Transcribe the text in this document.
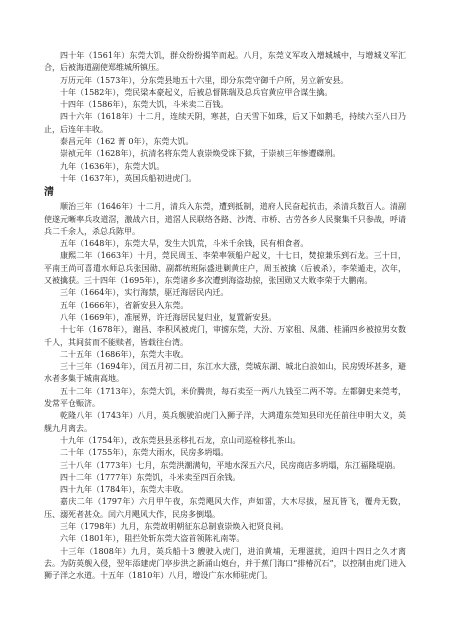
四十年（1561年）东莞大饥，群众纷纷揭竿而起。八月，东莞义军攻入增城城中，与增城义军汇合，后被海道副使郑维城所镇压。

万历元年（1573年），分东莞县地五十六里，即分东莞守御千户所，另立新安县。

十年（1582年），莞民梁本豪起义，后被总督陈瑞及总兵官黄应甲合谋生擒。

十四年（1586年），东莞大饥，斗米卖二百钱。

四十六年（1618年）十二月，连续天阴，寒甚，白天雪下如珠，后又下如鹅毛，持续六至八日乃止，后连年丰收。

泰昌元年（162 菁 0年），东莞大饥。

崇祯元年（1628年），抗清名将东莞人袁崇焕受诛下狱，于崇祯三年惨遭磔刑。

九年（1636年），东莞大饥。

十年（1637年），英国兵船初进虎门。

清

顺治三年（1646年）十二月，清兵入东莞，遭到抵制，道府人民奋起抗击，杀清兵数百人。清副使遂元晰率兵攻道滘，激战六日，道滘人民联络各路、沙湾、市桥、古劳各乡人民聚集千只参战，呼请兵二千余人，杀总兵陈甲。

五年（1648年），东莞大旱，发生大饥荒，斗米千余钱，民有相食者。

康熙二年（1663年）十月，莞民周玉、李荣率领船户起义，十七日，焚掠兼乐到石龙。三十日，平南王尚可喜遣水师总兵张国勋、副都统班际盛进剿黄庄户，周玉被擒（后被杀），李荣遁走，次年，又被擒获。三十四年（1695年），东莞诸乡多次遭到海盗劫掠，张国勋又大败李荣于大鹏南。

三年（1664年），实行海禁，驱迁海居民内迁。

五年（1666年），省新安县入东莞。

八年（1669年），准展界，许迁海居民复归业，复置新安县。

十七年（1678年），谢昌、李积风被虎门，审掳东莞，大汾、万家租、凤蒲、桂涌四乡被掠男女数千人，其间贫而不能赎者，皆载往台湾。

二十五年（1686年），东莞大丰收。

三十三年（1694年），闰五月初二日，东江水大涨，莞城东湖、城北白浪如山，民房毁坏甚多，避水者多集于城南高地。

五十二年（1713年），东莞大饥，米价腾贵，每石卖至一两八九钱至二两不等。左都御史来莞考，发常平仓赈济。

乾隆八年（1743年）八月，英兵舰驶泊虎门入狮子洋，大鸿遣东莞知县印光任前往申明大义，英舰九月离去。

十九年（1754年），改东莞县县丞移扎石龙，京山司巡检移扎茶山。

二十年（1755年），东莞大雨水，民房多坍塌。

三十八年（1773年）七月，东莞洪潮满旬，平地水深五六尺，民房商店多坍塌，东江福隆堤崩。

四十二年（1777年）东莞饥，斗米卖至四百余钱。

四十九年（1784年），东莞大丰收。

嘉庆二年（1797年）六月甲午夜，东莞飓风大作，声如雷，大木尽拔，屋瓦皆飞，覆舟无数，压、溺死者甚众。闰六月飓风大作，民房多倒塌。

三年（1798年）九月，东莞故明朝征东总制袁崇焕入祀贤良祠。

六年（1801年），阻拦处斩东莞大盗首领陈礼南等。

十三年（1808年）九月，英兵船十3 艘驶入虎门，进泊黄埔，无理滋扰，迫四十四日之久才离去。为防英舰入侵，翌年添建虎门亭步洪之新涌山炮台，并于蕉门海口“排椿沉石”，以控制由虎门进入狮子洋之水道。十五年（1810年）八月，增设广东水师驻虎门。
